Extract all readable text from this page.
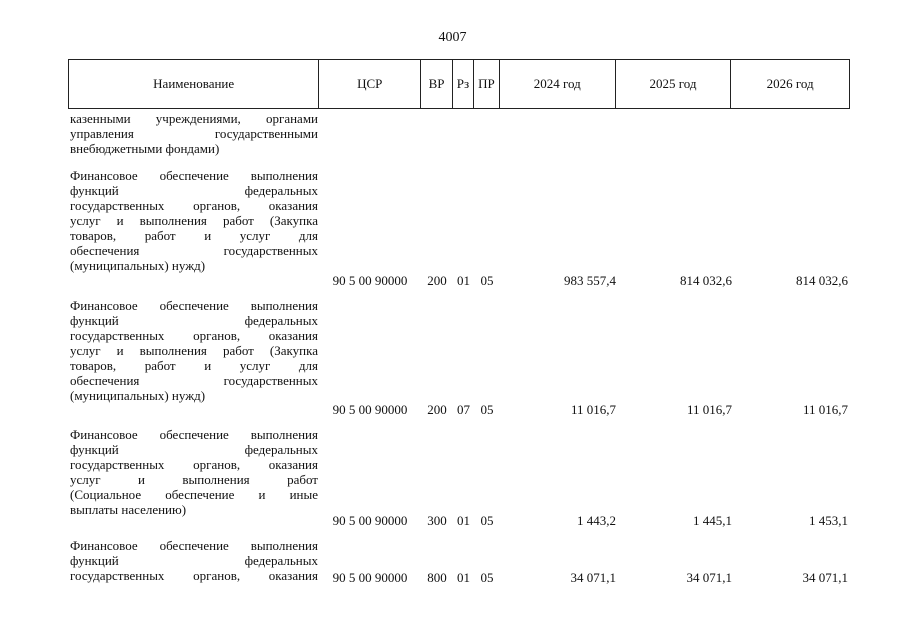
4007
Наименование	ЦСР	ВР Рз ПР	2024 год	2025 год	2026 год
казенными учреждениями, органами
управления государственными
внебюджетными фондами)
Финансовое обеспечение выполнения
функций федеральных
государственных органов, оказания
услуг и выполнения работ (Закупка
товаров, работ и услуг для
обеспечения государственных
(муниципальных) нужд)
90 5 00 90000	200 01 05	983 557,4	814 032,6	814 032,6
Финансовое обеспечение выполнения
функций федеральных
государственных органов, оказания
услуг и выполнения работ (Закупка
товаров, работ и услуг для
обеспечения государственных
(муниципальных) нужд)
90 5 00 90000	200 07 05	11 016,7	11 016,7	11 016,7
Финансовое обеспечение выполнения
функций федеральных
государственных органов, оказания
услуг и выполнения работ
(Социальное обеспечение и иные
выплаты населению)
90 5 00 90000	300 01 05	1 443,2	1 445,1	1 453,1
Финансовое обеспечение выполнения
функций федеральных
государственных органов, оказания	90 5 00 90000	800 01 05	34 071,1	34 071,1	34 071,1
